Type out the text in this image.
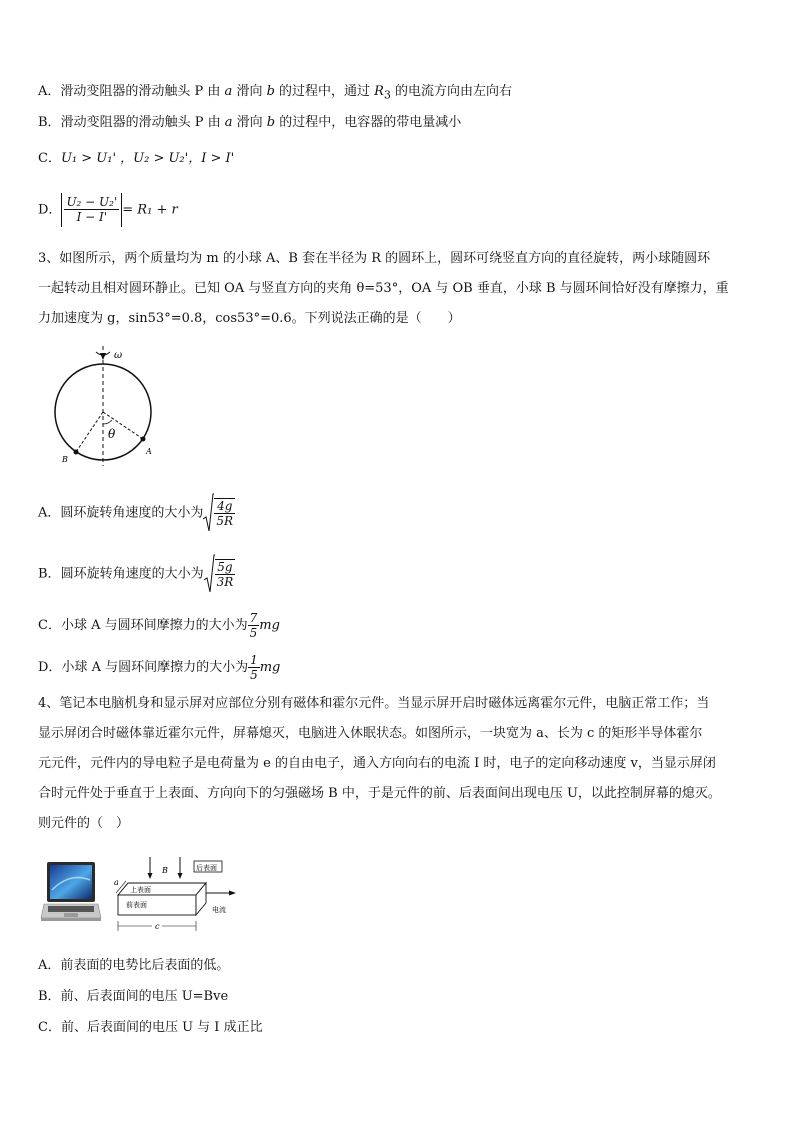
A．滑动变阻器的滑动触头 P 由 a 滑向 b 的过程中，通过 $R_3$ 的电流方向由左向右
B．滑动变阻器的滑动触头 P 由 a 滑向 b 的过程中，电容器的带电量减小
C．U₁ > U₁' ，U₂ > U₂'，I > I'
D． $\frac{\text{U₂ − U₂'}}{I - I'} = R_1 + r$
3、如图所示，两个质量均为 m 的小球 A、B 套在半径为 R 的圆环上，圆环可绕竖直方向的直径旋转，两小球随圆环
一起转动且相对圆环静止。已知 OA 与竖直方向的夹角 θ=53°，OA 与 OB 垂直，小球 B 与圆环间恰好没有摩擦力，重
力加速度为 g，sin53°=0.8，cos53°=0.6。下列说法正确的是（　　）
ω
θ
B
A
A．圆环旋转角速度的大小为 $\frac{4g}{5R}$
B．圆环旋转角速度的大小为 $\frac{5g}{3R}$
C．小球 A 与圆环间摩擦力的大小为 $\frac{7}{5}$ mg
D．小球 A 与圆环间摩擦力的大小为 $\frac{1}{5}$ mg
4、笔记本电脑机身和显示屏对应部位分别有磁体和霍尔元件。当显示屏开启时磁体远离霍尔元件，电脑正常工作；当
显示屏闭合时磁体靠近霍尔元件，屏幕熄灭，电脑进入休眠状态。如图所示，一块宽为 a、长为 c 的矩形半导体霍尔
元元件，元件内的导电粒子是电荷量为 e 的自由电子，通入方向向右的电流 I 时，电子的定向移动速度 v，当显示屏闭
合时元件处于垂直于上表面、方向向下的匀强磁场 B 中，于是元件的前、后表面间出现电压 U，以此控制屏幕的熄灭。
则元件的（　）
B	后表面
上表面
前表面
电流
a
c
A．前表面的电势比后表面的低。
B．前、后表面间的电压 U=Bve
C．前、后表面间的电压 U 与 I 成正比
